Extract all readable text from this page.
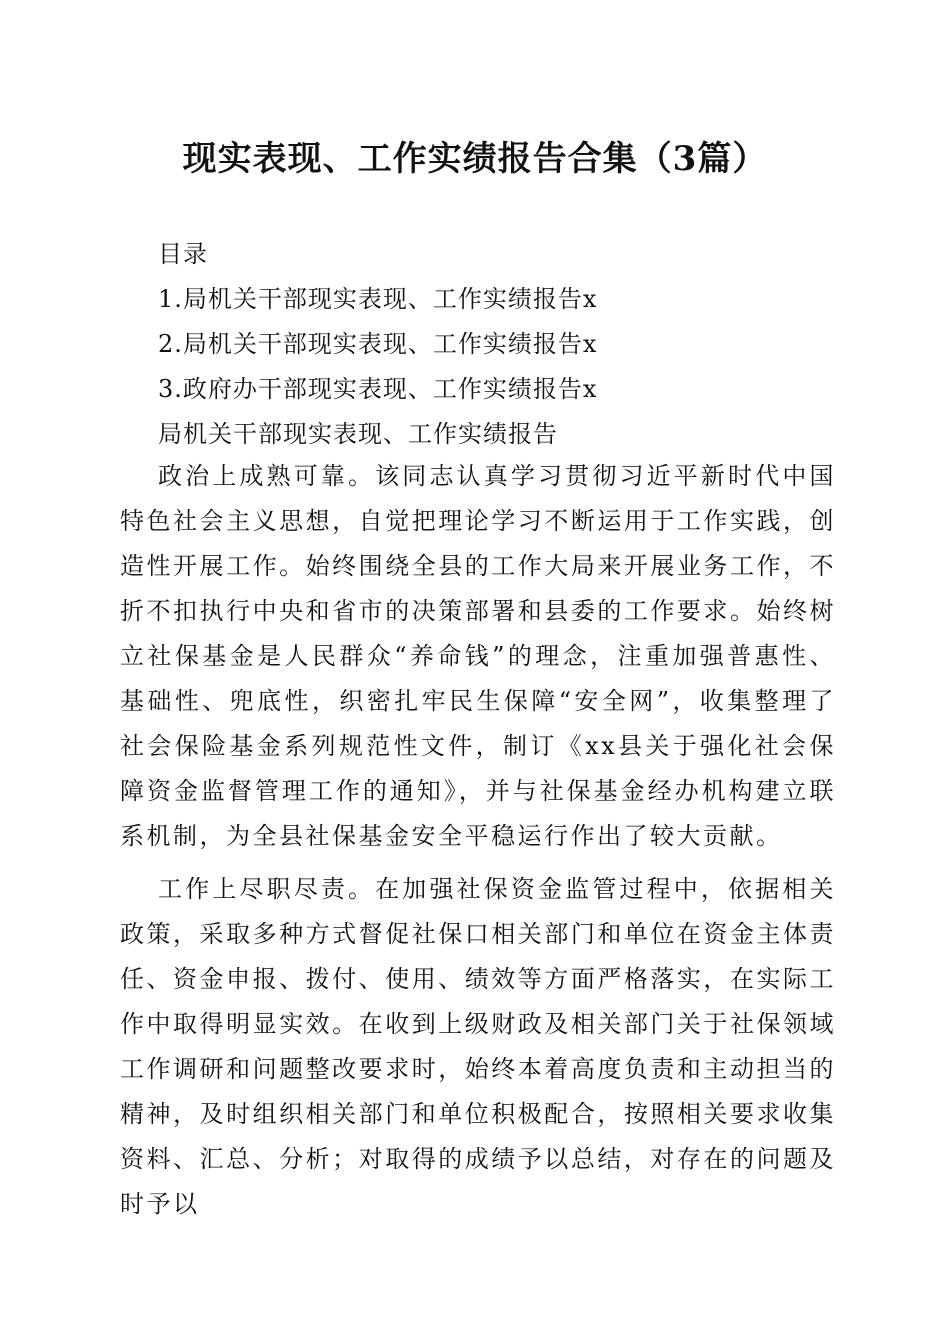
现实表现、工作实绩报告合集（3篇）
目录
1.局机关干部现实表现、工作实绩报告x
2.局机关干部现实表现、工作实绩报告x
3.政府办干部现实表现、工作实绩报告x
局机关干部现实表现、工作实绩报告

政治上成熟可靠。该同志认真学习贯彻习近平新时代中国特色社会主义思想，自觉把理论学习不断运用于工作实践，创造性开展工作。始终围绕全县的工作大局来开展业务工作，不折不扣执行中央和省市的决策部署和县委的工作要求。始终树立社保基金是人民群众“养命钱”的理念，注重加强普惠性、基础性、兜底性，织密扎牢民生保障“安全网”，收集整理了社会保险基金系列规范性文件，制订《xx县关于强化社会保障资金监督管理工作的通知》，并与社保基金经办机构建立联系机制，为全县社保基金安全平稳运行作出了较大贡献。

工作上尽职尽责。在加强社保资金监管过程中，依据相关政策，采取多种方式督促社保口相关部门和单位在资金主体责任、资金申报、拨付、使用、绩效等方面严格落实，在实际工作中取得明显实效。在收到上级财政及相关部门关于社保领域工作调研和问题整改要求时，始终本着高度负责和主动担当的精神，及时组织相关部门和单位积极配合，按照相关要求收集资料、汇总、分析；对取得的成绩予以总结，对存在的问题及时予以
